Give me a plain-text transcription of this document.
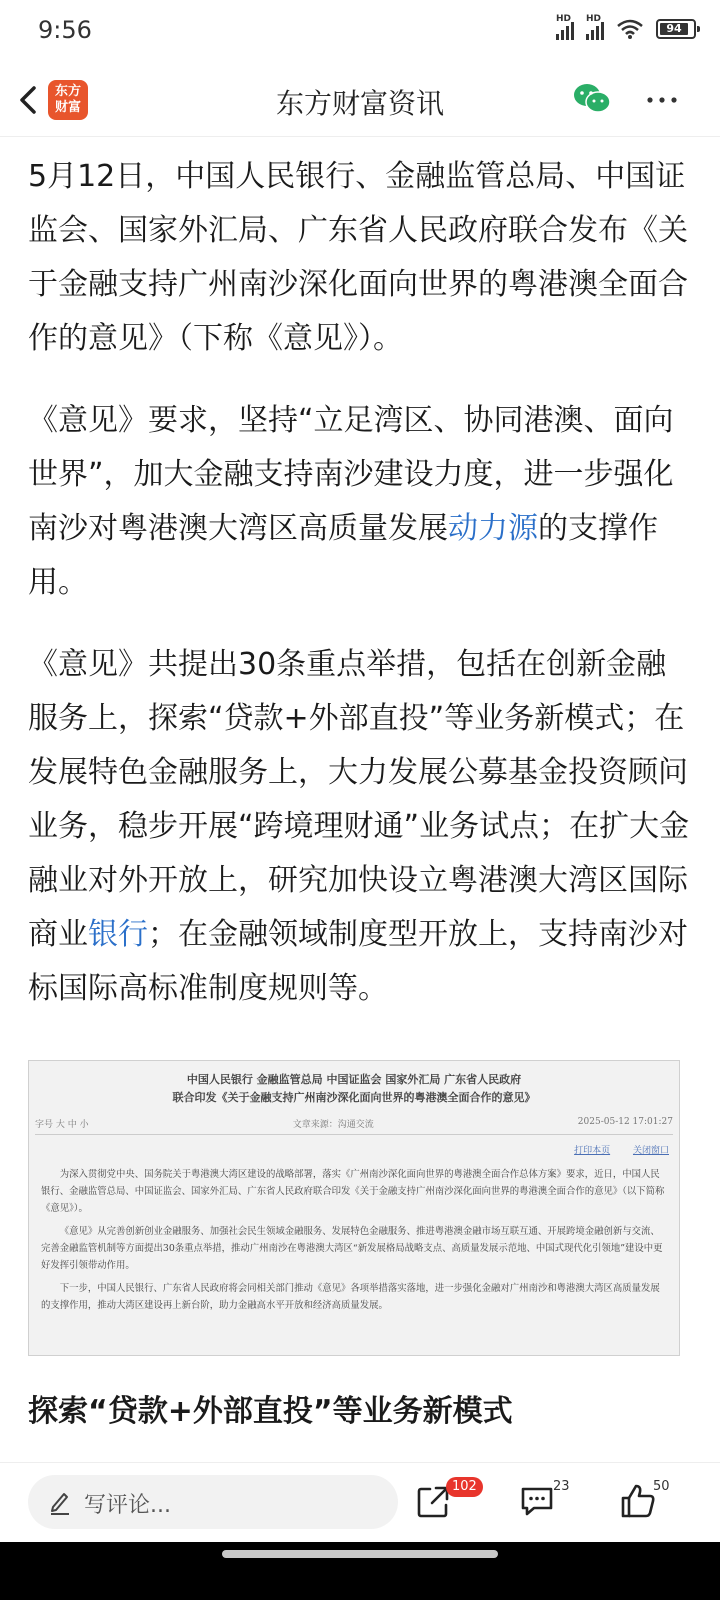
9:56	HD HD
94
东方
财富	东方财富资讯

5月12日，中国人民银行、金融监管总局、中国证监会、国家外汇局、广东省人民政府联合发布《关于金融支持广州南沙深化面向世界的粤港澳全面合作的意见》（下称《意见》）。

《意见》要求，坚持“立足湾区、协同港澳、面向世界”，加大金融支持南沙建设力度，进一步强化南沙对粤港澳大湾区高质量发展动力源的支撑作用。

《意见》共提出30条重点举措，包括在创新金融服务上，探索“贷款+外部直投”等业务新模式；在发展特色金融服务上，大力发展公募基金投资顾问业务，稳步开展“跨境理财通”业务试点；在扩大金融业对外开放上，研究加快设立粤港澳大湾区国际商业银行；在金融领域制度型开放上，支持南沙对标国际高标准制度规则等。

中国人民银行 金融监管总局 中国证监会 国家外汇局 广东省人民政府
联合印发《关于金融支持广州南沙深化面向世界的粤港澳全面合作的意见》
字号 大 中 小	文章来源：沟通交流	2025-05-12 17:01:27
打印本页	关闭窗口

为深入贯彻党中央、国务院关于粤港澳大湾区建设的战略部署，落实《广州南沙深化面向世界的粤港澳全面合作总体方案》要求，近日，中国人民银行、金融监管总局、中国证监会、国家外汇局、广东省人民政府联合印发《关于金融支持广州南沙深化面向世界的粤港澳全面合作的意见》（以下简称《意见》）。

《意见》从完善创新创业金融服务、加强社会民生领域金融服务、发展特色金融服务、推进粤港澳金融市场互联互通、开展跨境金融创新与交流、完善金融监管机制等方面提出30条重点举措，推动广州南沙在粤港澳大湾区“新发展格局战略支点、高质量发展示范地、中国式现代化引领地”建设中更好发挥引领带动作用。

下一步，中国人民银行、广东省人民政府将会同相关部门推动《意见》各项举措落实落地，进一步强化金融对广州南沙和粤港澳大湾区高质量发展的支撑作用，推动大湾区建设再上新台阶，助力金融高水平开放和经济高质量发展。

探索“贷款+外部直投”等业务新模式
写评论...
102	23	50
